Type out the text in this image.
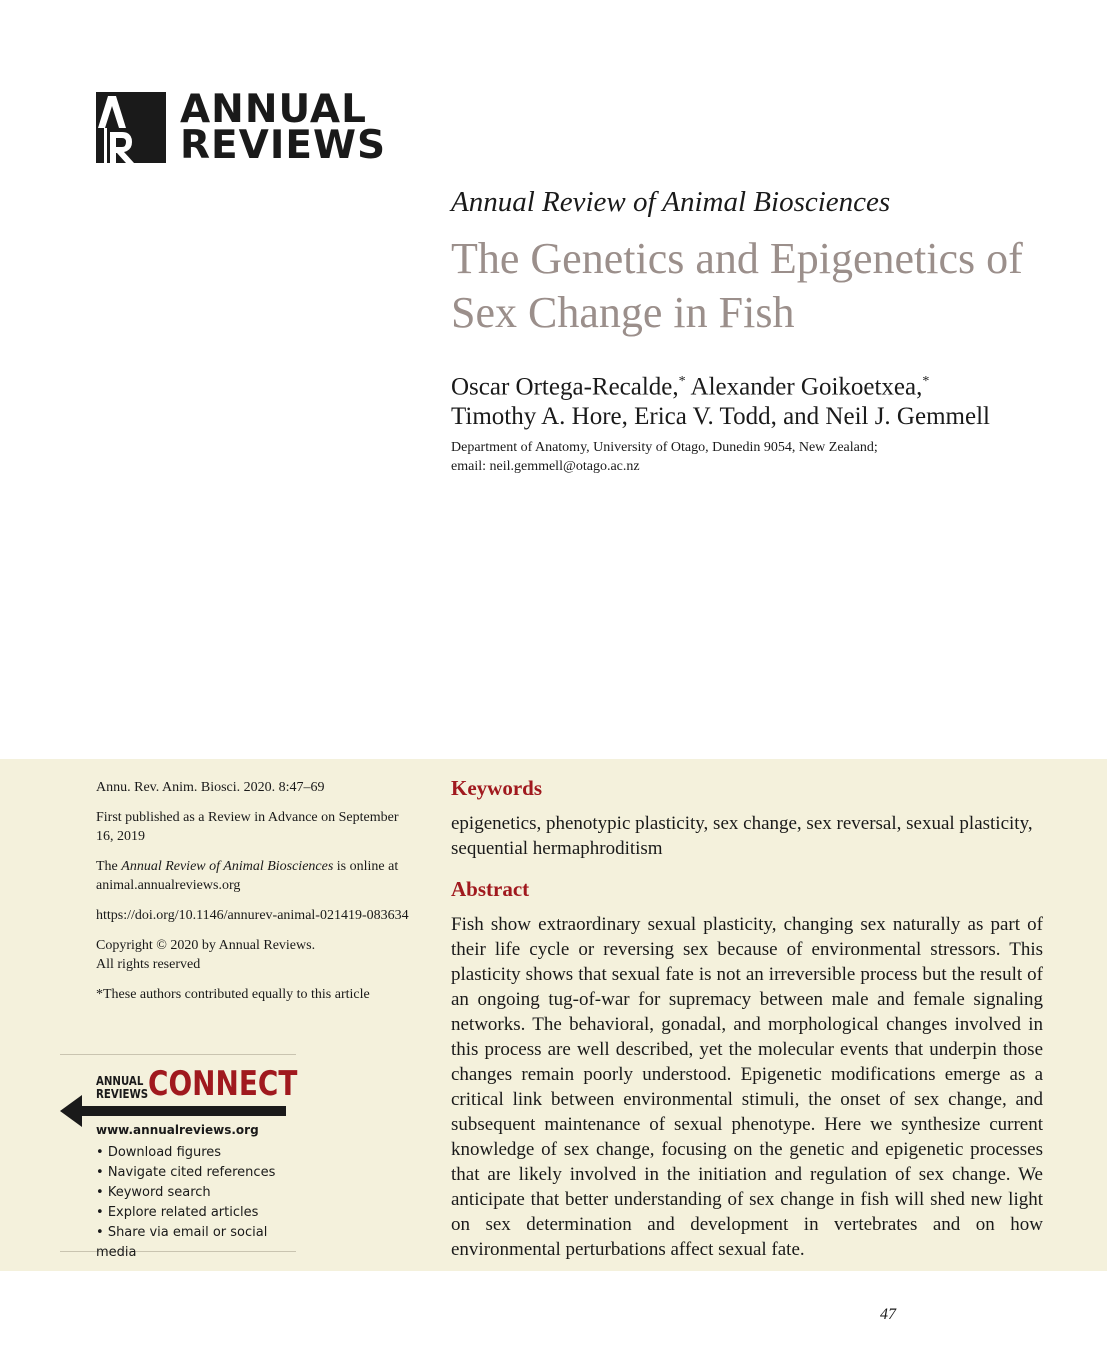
ANNUAL
REVIEWS
Annual Review of Animal Biosciences
The Genetics and Epigenetics of Sex Change in Fish
Oscar Ortega-Recalde,* Alexander Goikoetxea,*
Timothy A. Hore, Erica V. Todd, and Neil J. Gemmell
Department of Anatomy, University of Otago, Dunedin 9054, New Zealand;
email: neil.gemmell@otago.ac.nz

Annu. Rev. Anim. Biosci. 2020. 8:47–69

First published as a Review in Advance on September 16, 2019

The Annual Review of Animal Biosciences is online at animal.annualreviews.org

https://doi.org/10.1146/annurev-animal-021419-083634

Copyright © 2020 by Annual Reviews.
All rights reserved

*These authors contributed equally to this article

ANNUAL
REVIEWS CONNECT
www.annualreviews.org
• Download figures
• Navigate cited references
• Keyword search
• Explore related articles
• Share via email or social media
Keywords

epigenetics, phenotypic plasticity, sex change, sex reversal, sexual plasticity, sequential hermaphroditism

Abstract

Fish show extraordinary sexual plasticity, changing sex naturally as part of their life cycle or reversing sex because of environmental stressors. This plasticity shows that sexual fate is not an irreversible process but the result of an ongoing tug-of-war for supremacy between male and female signaling networks. The behavioral, gonadal, and morphological changes involved in this process are well described, yet the molecular events that underpin those changes remain poorly understood. Epigenetic modifications emerge as a critical link between environmental stimuli, the onset of sex change, and subsequent maintenance of sexual phenotype. Here we synthesize current knowledge of sex change, focusing on the genetic and epigenetic processes that are likely involved in the initiation and regulation of sex change. We anticipate that better understanding of sex change in fish will shed new light on sex determination and development in vertebrates and on how environmental perturbations affect sexual fate.

47
